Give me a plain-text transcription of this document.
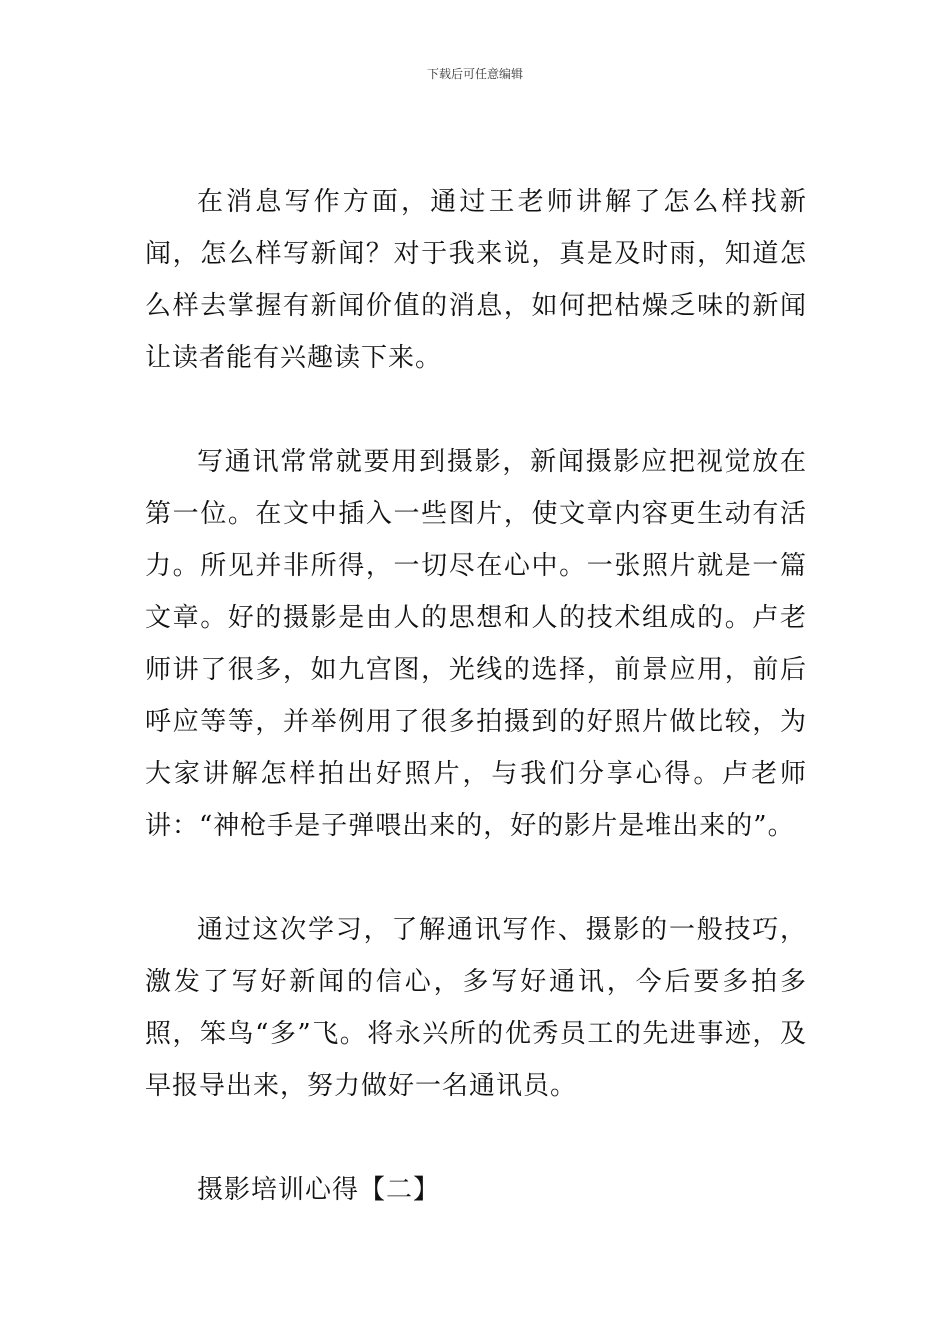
下载后可任意编辑

在消息写作方面，通过王老师讲解了怎么样找新闻，怎么样写新闻？对于我来说，真是及时雨，知道怎么样去掌握有新闻价值的消息，如何把枯燥乏味的新闻让读者能有兴趣读下来。

写通讯常常就要用到摄影，新闻摄影应把视觉放在第一位。在文中插入一些图片，使文章内容更生动有活力。所见并非所得，一切尽在心中。一张照片就是一篇文章。好的摄影是由人的思想和人的技术组成的。卢老师讲了很多，如九宫图，光线的选择，前景应用，前后呼应等等，并举例用了很多拍摄到的好照片做比较，为大家讲解怎样拍出好照片，与我们分享心得。卢老师讲：“神枪手是子弹喂出来的，好的影片是堆出来的”。

通过这次学习，了解通讯写作、摄影的一般技巧，激发了写好新闻的信心，多写好通讯，今后要多拍多照，笨鸟“多”飞。将永兴所的优秀员工的先进事迹，及早报导出来，努力做好一名通讯员。

摄影培训心得【二】
